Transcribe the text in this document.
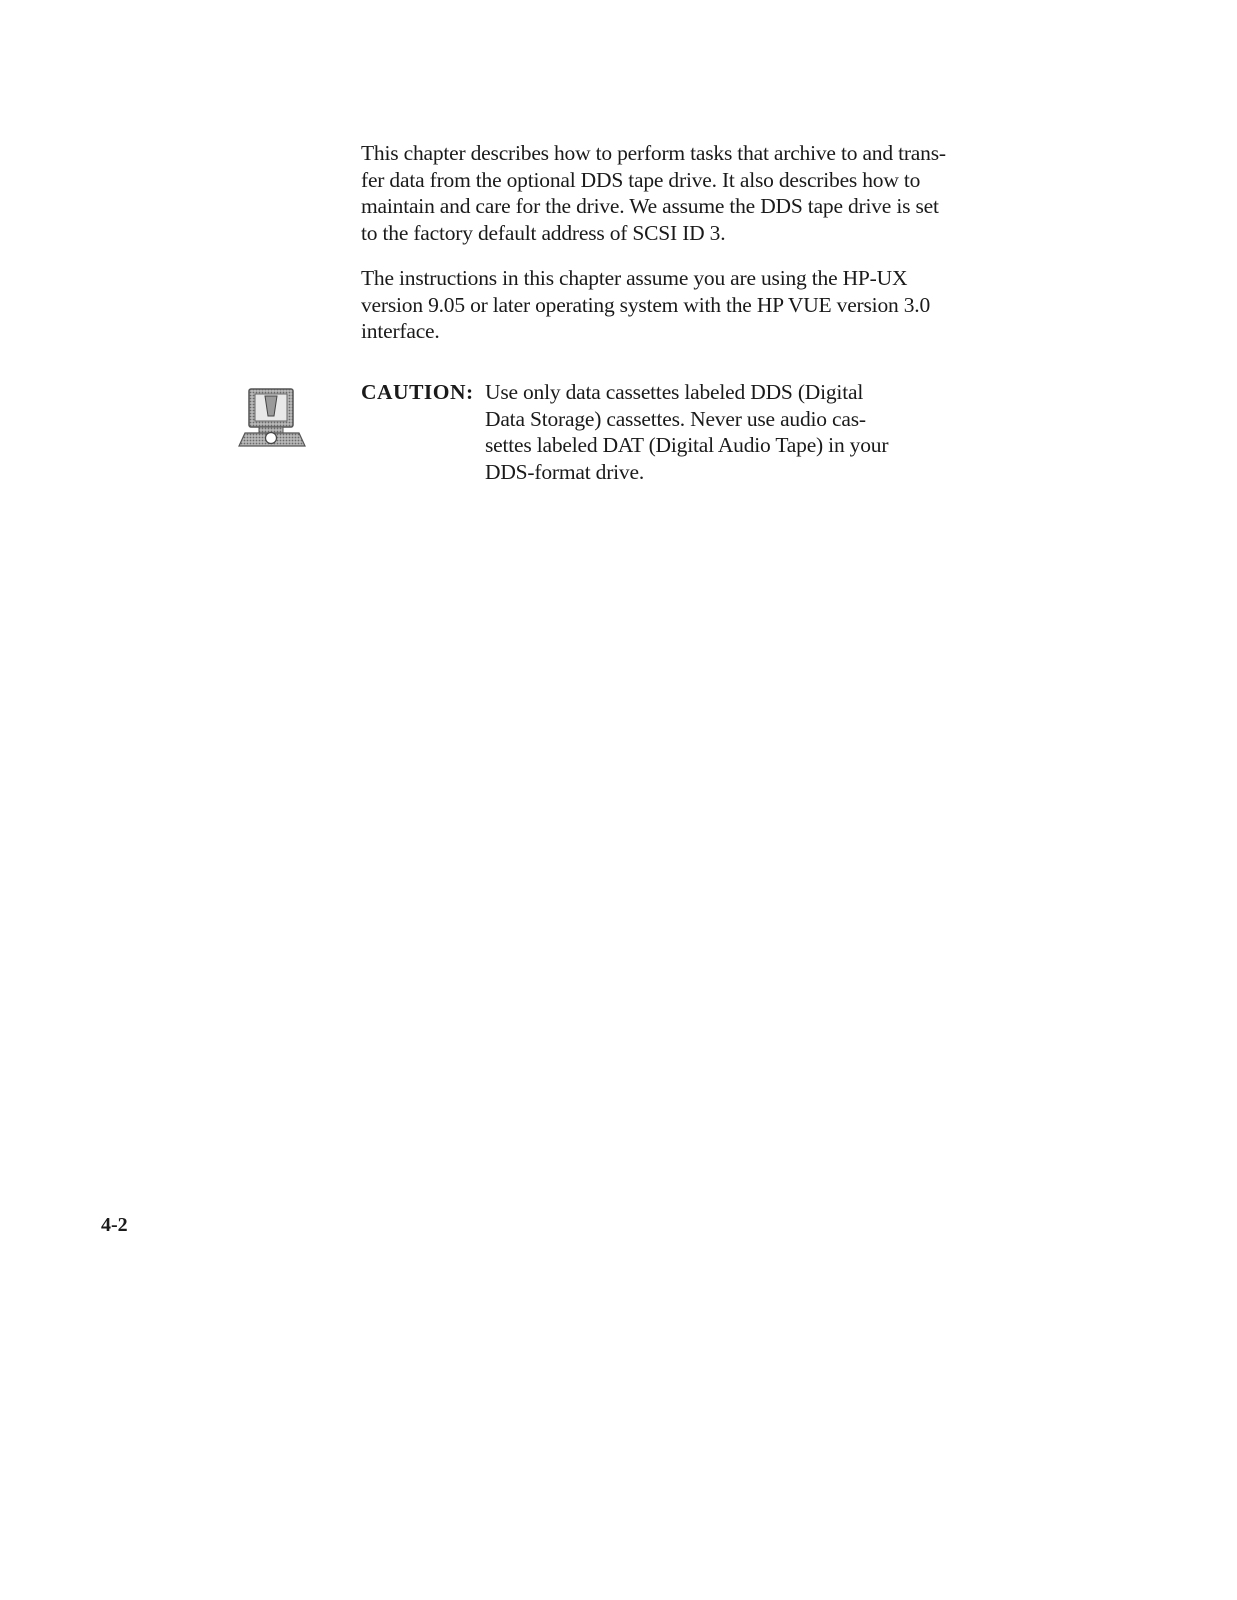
This chapter describes how to perform tasks that archive to and trans-
fer data from the optional DDS tape drive. It also describes how to
maintain and care for the drive. We assume the DDS tape drive is set
to the factory default address of SCSI ID 3.

The instructions in this chapter assume you are using the HP-UX
version 9.05 or later operating system with the HP VUE version 3.0
interface.

CAUTION: Use only data cassettes labeled DDS (Digital
Data Storage) cassettes. Never use audio cas-
settes labeled DAT (Digital Audio Tape) in your
DDS-format drive.

4-2
